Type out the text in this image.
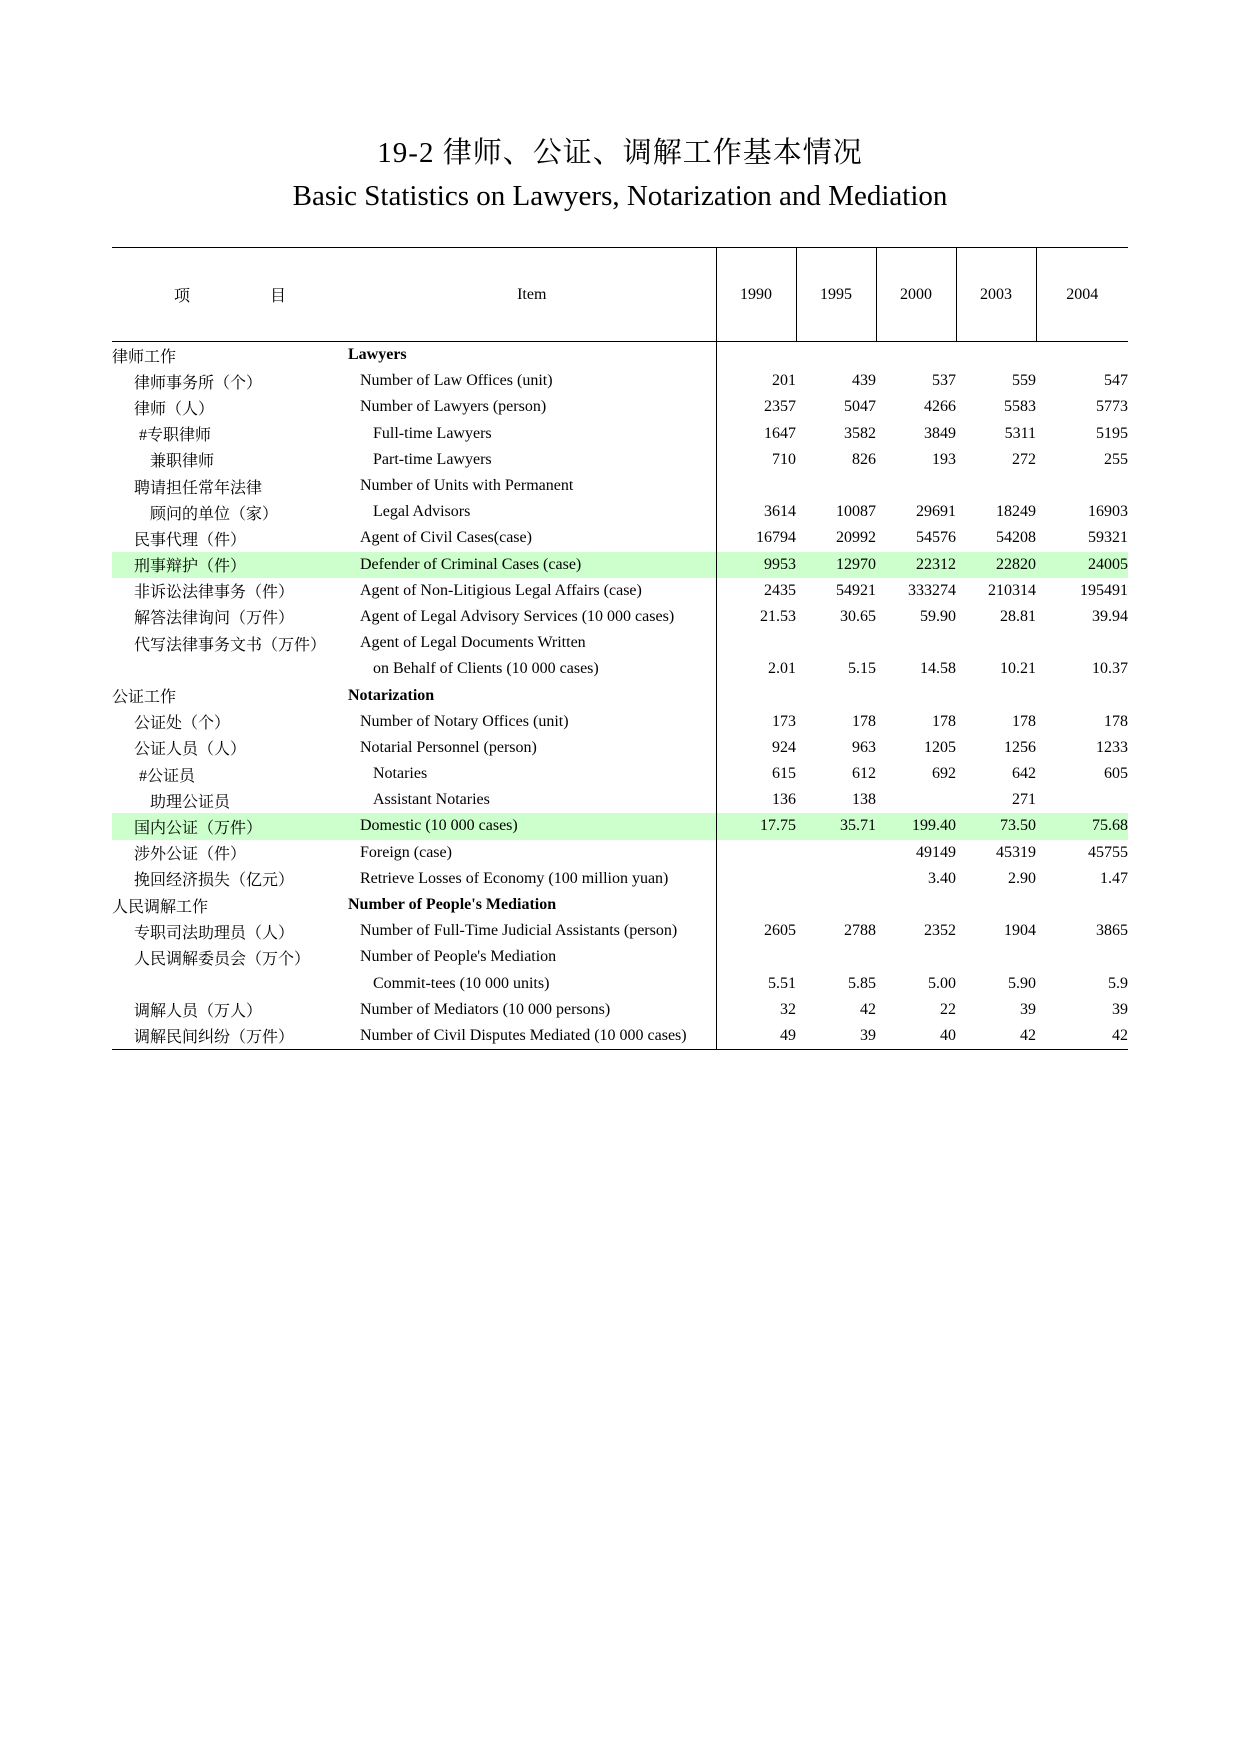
19-2 律师、公证、调解工作基本情况
Basic Statistics on Lawyers, Notarization and Mediation
项 目	Item	1990	1995	2000	2003	2004
律师工作	Lawyers					
律师事务所（个）	Number of Law Offices (unit)	201	439	537	559	547
律师（人）	Number of Lawyers (person)	2357	5047	4266	5583	5773
#专职律师	Full-time Lawyers	1647	3582	3849	5311	5195
兼职律师	Part-time Lawyers	710	826	193	272	255
聘请担任常年法律	Number of Units with Permanent					
顾问的单位（家）	Legal Advisors	3614	10087	29691	18249	16903
民事代理（件）	Agent of Civil Cases(case)	16794	20992	54576	54208	59321
刑事辩护（件）	Defender of Criminal Cases (case)	9953	12970	22312	22820	24005
非诉讼法律事务（件）	Agent of Non-Litigious Legal Affairs (case)	2435	54921	333274	210314	195491
解答法律询问（万件）	Agent of Legal Advisory Services (10 000 cases)	21.53	30.65	59.90	28.81	39.94
代写法律事务文书（万件）	Agent of Legal Documents Written					
	on Behalf of Clients (10 000 cases)	2.01	5.15	14.58	10.21	10.37
公证工作	Notarization					
公证处（个）	Number of Notary Offices (unit)	173	178	178	178	178
公证人员（人）	Notarial Personnel (person)	924	963	1205	1256	1233
#公证员	Notaries	615	612	692	642	605
助理公证员	Assistant Notaries	136	138		271	
国内公证（万件）	Domestic (10 000 cases)	17.75	35.71	199.40	73.50	75.68
涉外公证（件）	Foreign (case)			49149	45319	45755
挽回经济损失（亿元）	Retrieve Losses of Economy (100 million yuan)			3.40	2.90	1.47
人民调解工作	Number of People's Mediation					
专职司法助理员（人）	Number of Full-Time Judicial Assistants (person)	2605	2788	2352	1904	3865
人民调解委员会（万个）	Number of People's Mediation					
	Commit-tees (10 000 units)	5.51	5.85	5.00	5.90	5.9
调解人员（万人）	Number of Mediators (10 000 persons)	32	42	22	39	39
调解民间纠纷（万件）	Number of Civil Disputes Mediated (10 000 cases)	49	39	40	42	42
